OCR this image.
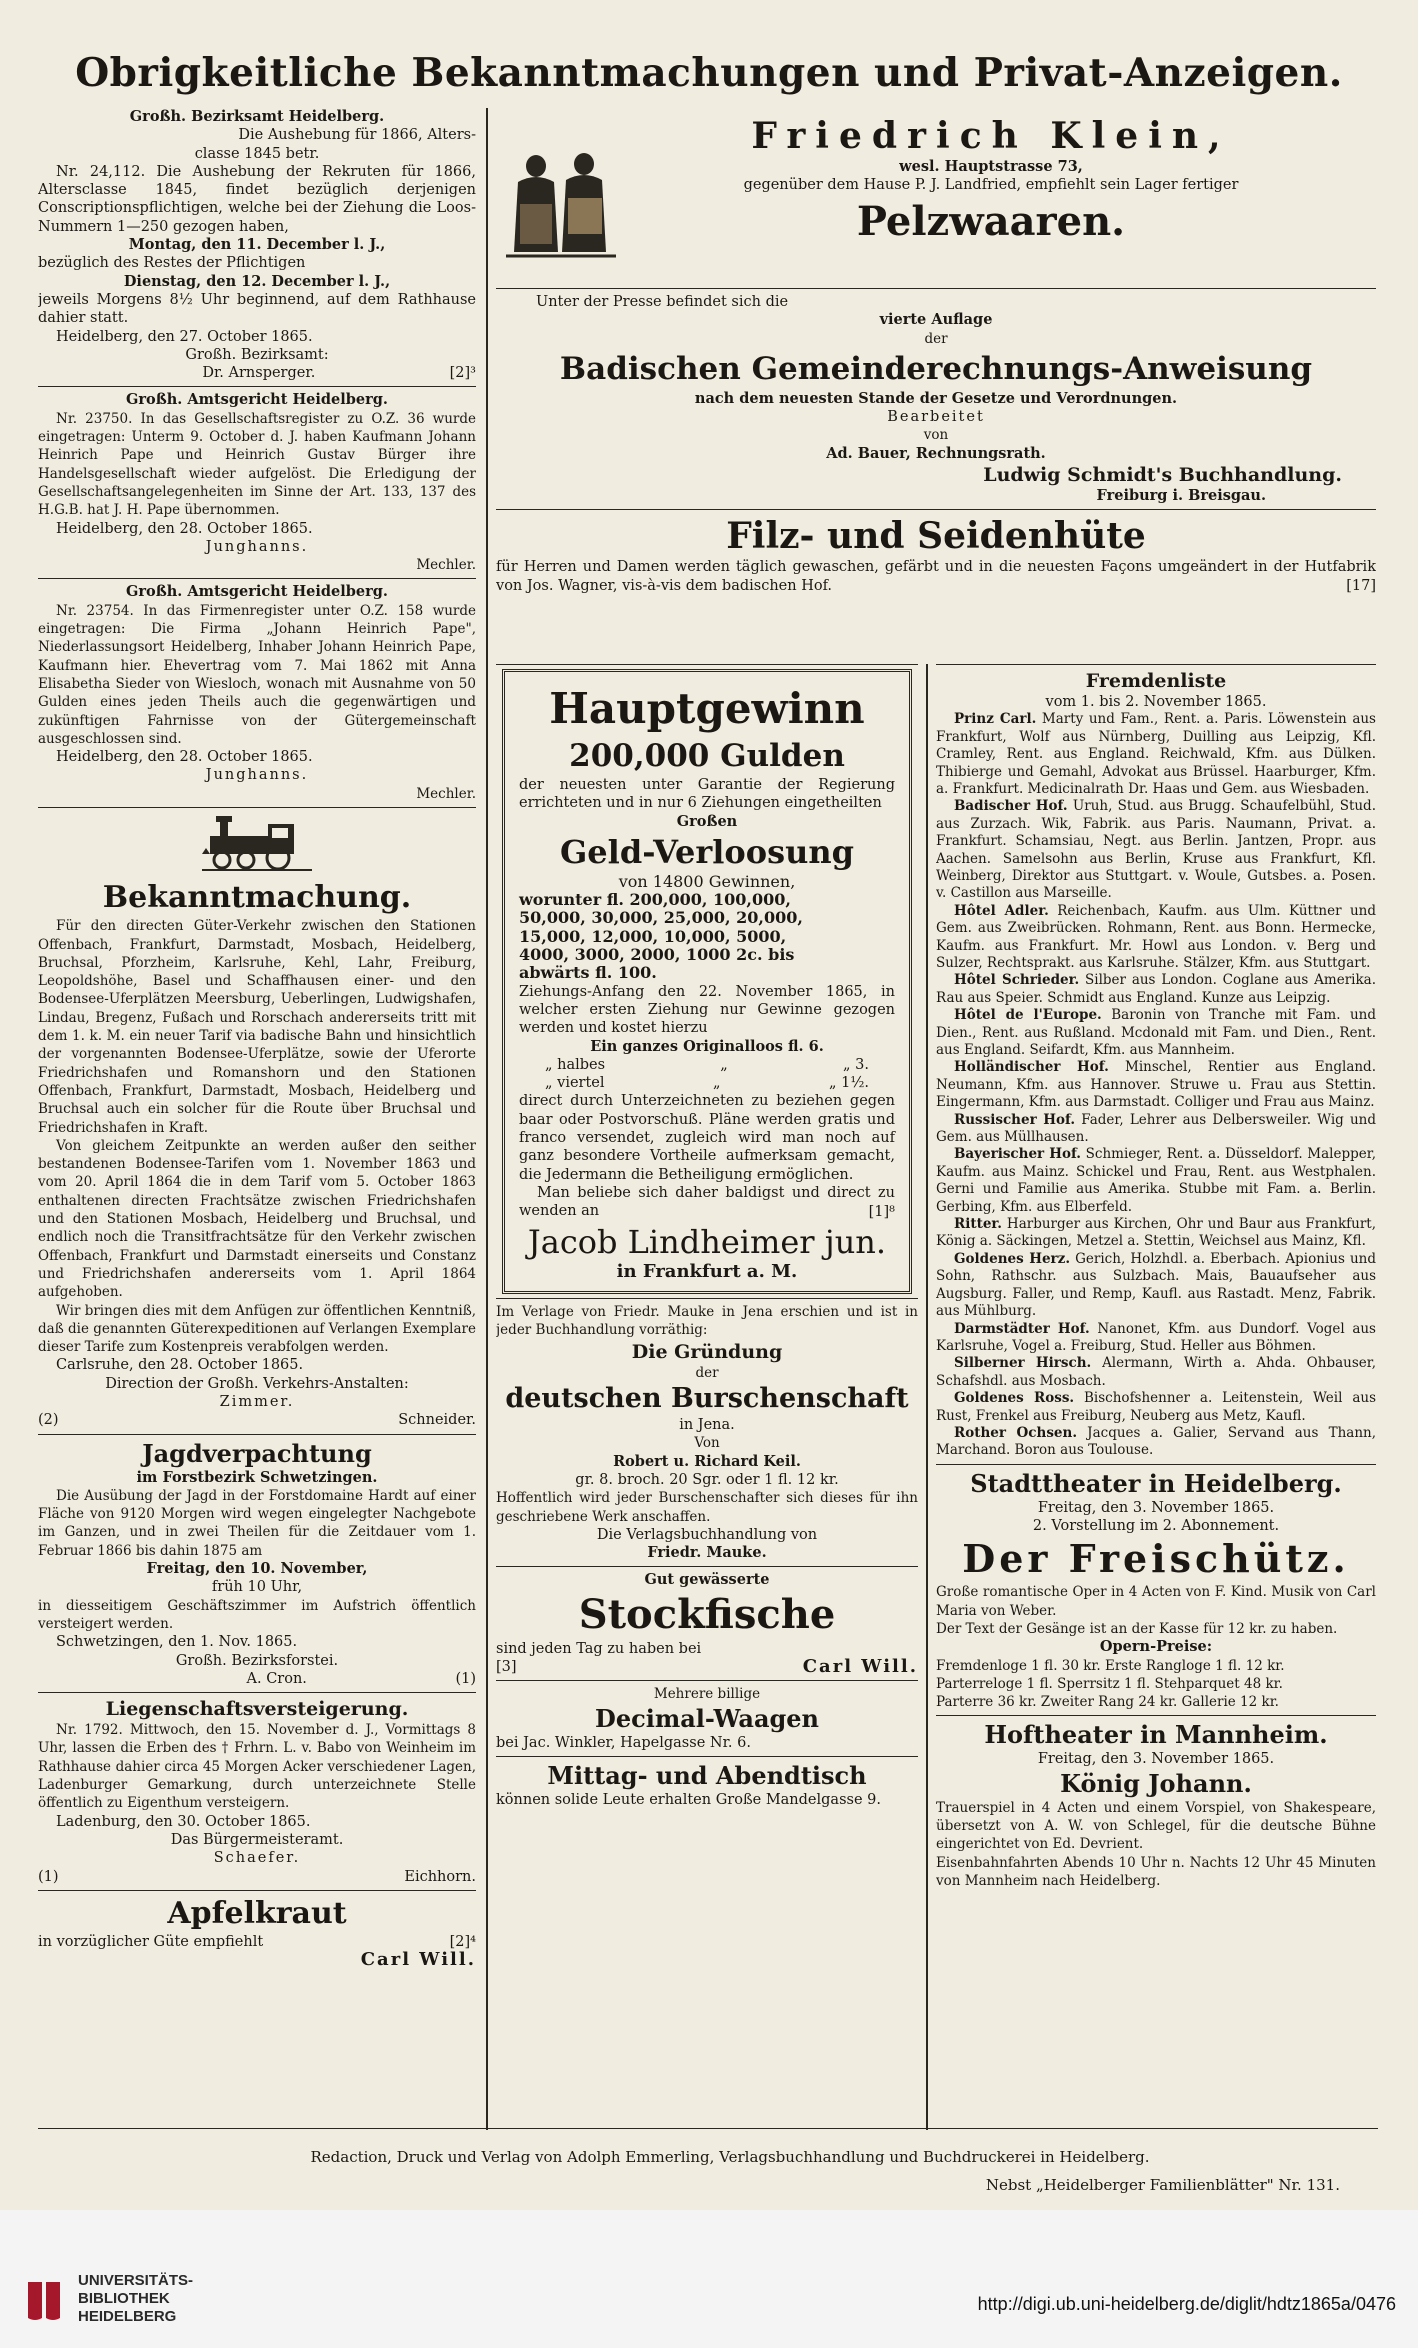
Obrigkeitliche Bekanntmachungen und Privat-Anzeigen.

Großh. Bezirksamt Heidelberg.

Die Aushebung für 1866, Alters-

classe 1845 betr.

Nr. 24,112. Die Aushebung der Rekruten für 1866, Altersclasse 1845, findet bezüglich derjenigen Conscriptionspflichtigen, welche bei der Ziehung die Loos-Nummern 1—250 gezogen haben,

Montag, den 11. December l. J.,

bezüglich des Restes der Pflichtigen

Dienstag, den 12. December l. J.,

jeweils Morgens 8½ Uhr beginnend, auf dem Rathhause dahier statt.

Heidelberg, den 27. October 1865.

Großh. Bezirksamt:

Dr. Arnsperger.	[2]³

Großh. Amtsgericht Heidelberg.

Nr. 23750. In das Gesellschaftsregister zu O.Z. 36 wurde eingetragen: Unterm 9. October d. J. haben Kaufmann Johann Heinrich Pape und Heinrich Gustav Bürger ihre Handelsgesellschaft wieder aufgelöst. Die Erledigung der Gesellschaftsangelegenheiten im Sinne der Art. 133, 137 des H.G.B. hat J. H. Pape übernommen.

Heidelberg, den 28. October 1865.

Junghanns.

Mechler.

Großh. Amtsgericht Heidelberg.

Nr. 23754. In das Firmenregister unter O.Z. 158 wurde eingetragen: Die Firma „Johann Heinrich Pape", Niederlassungsort Heidelberg, Inhaber Johann Heinrich Pape, Kaufmann hier. Ehevertrag vom 7. Mai 1862 mit Anna Elisabetha Sieder von Wiesloch, wonach mit Ausnahme von 50 Gulden eines jeden Theils auch die gegenwärtigen und zukünftigen Fahrnisse von der Gütergemeinschaft ausgeschlossen sind.

Heidelberg, den 28. October 1865.

Junghanns.

Mechler.

Bekanntmachung.

Für den directen Güter-Verkehr zwischen den Stationen Offenbach, Frankfurt, Darmstadt, Mosbach, Heidelberg, Bruchsal, Pforzheim, Karlsruhe, Kehl, Lahr, Freiburg, Leopoldshöhe, Basel und Schaffhausen einer- und den Bodensee-Uferplätzen Meersburg, Ueberlingen, Ludwigshafen, Lindau, Bregenz, Fußach und Rorschach andererseits tritt mit dem 1. k. M. ein neuer Tarif via badische Bahn und hinsichtlich der vorgenannten Bodensee-Uferplätze, sowie der Uferorte Friedrichshafen und Romanshorn und den Stationen Offenbach, Frankfurt, Darmstadt, Mosbach, Heidelberg und Bruchsal auch ein solcher für die Route über Bruchsal und Friedrichshafen in Kraft.

Von gleichem Zeitpunkte an werden außer den seither bestandenen Bodensee-Tarifen vom 1. November 1863 und vom 20. April 1864 die in dem Tarif vom 5. October 1863 enthaltenen directen Frachtsätze zwischen Friedrichshafen und den Stationen Mosbach, Heidelberg und Bruchsal, und endlich noch die Transitfrachtsätze für den Verkehr zwischen Offenbach, Frankfurt und Darmstadt einerseits und Constanz und Friedrichshafen andererseits vom 1. April 1864 aufgehoben.

Wir bringen dies mit dem Anfügen zur öffentlichen Kenntniß, daß die genannten Güterexpeditionen auf Verlangen Exemplare dieser Tarife zum Kostenpreis verabfolgen werden.

Carlsruhe, den 28. October 1865.

Direction der Großh. Verkehrs-Anstalten:

Zimmer.

(2)	Schneider.

Jagdverpachtung

im Forstbezirk Schwetzingen.

Die Ausübung der Jagd in der Forstdomaine Hardt auf einer Fläche von 9120 Morgen wird wegen eingelegter Nachgebote im Ganzen, und in zwei Theilen für die Zeitdauer vom 1. Februar 1866 bis dahin 1875 am

Freitag, den 10. November,

früh 10 Uhr,

in diesseitigem Geschäftszimmer im Aufstrich öffentlich versteigert werden.

Schwetzingen, den 1. Nov. 1865.

Großh. Bezirksforstei.

A. Cron.	(1)

Liegenschaftsversteigerung.

Nr. 1792. Mittwoch, den 15. November d. J., Vormittags 8 Uhr, lassen die Erben des † Frhrn. L. v. Babo von Weinheim im Rathhause dahier circa 45 Morgen Acker verschiedener Lagen, Ladenburger Gemarkung, durch unterzeichnete Stelle öffentlich zu Eigenthum versteigern.

Ladenburg, den 30. October 1865.

Das Bürgermeisteramt.

Schaefer.

(1)	Eichhorn.

Apfelkraut

in vorzüglicher Güte empfiehlt	[2]⁴

Carl Will.

Friedrich Klein,

wesl. Hauptstrasse 73,

gegenüber dem Hause P. J. Landfried, empfiehlt sein Lager fertiger

Pelzwaaren.

Unter der Presse befindet sich die

vierte Auflage

der

Badischen Gemeinderechnungs-Anweisung

nach dem neuesten Stande der Gesetze und Verordnungen.

Bearbeitet

von

Ad. Bauer, Rechnungsrath.

Ludwig Schmidt's Buchhandlung.

Freiburg i. Breisgau.

Filz- und Seidenhüte

für Herren und Damen werden täglich gewaschen, gefärbt und in die neuesten Façons umgeändert in der Hutfabrik von Jos. Wagner, vis-à-vis dem badischen Hof.	[17]

Hauptgewinn

200,000 Gulden

der neuesten unter Garantie der Regierung errichteten und in nur 6 Ziehungen eingetheilten

Großen

Geld-Verloosung

von 14800 Gewinnen,

worunter fl. 200,000, 100,000,

50,000, 30,000, 25,000, 20,000,

15,000, 12,000, 10,000, 5000,

4000, 3000, 2000, 1000 2c. bis

abwärts fl. 100.

Ziehungs-Anfang den 22. November 1865, in welcher ersten Ziehung nur Gewinne gezogen werden und kostet hierzu

Ein ganzes Originalloos fl. 6.

„ halbes	„	„ 3.
„ viertel	„	„ 1½.

direct durch Unterzeichneten zu beziehen gegen baar oder Postvorschuß. Pläne werden gratis und franco versendet, zugleich wird man noch auf ganz besondere Vortheile aufmerksam gemacht, die Jedermann die Betheiligung ermöglichen.

Man beliebe sich daher baldigst und direct zu wenden an	[1]⁸

Jacob Lindheimer jun.

in Frankfurt a. M.

Im Verlage von Friedr. Mauke in Jena erschien und ist in jeder Buchhandlung vorräthig:

Die Gründung

der

deutschen Burschenschaft

in Jena.

Von

Robert u. Richard Keil.

gr. 8. broch. 20 Sgr. oder 1 fl. 12 kr.

Hoffentlich wird jeder Burschenschafter sich dieses für ihn geschriebene Werk anschaffen.

Die Verlagsbuchhandlung von

Friedr. Mauke.

Gut gewässerte

Stockfische

sind jeden Tag zu haben bei

[3]	Carl Will.

Mehrere billige

Decimal-Waagen

bei Jac. Winkler, Hapelgasse Nr. 6.

Mittag- und Abendtisch

können solide Leute erhalten Große Mandelgasse 9.

Fremdenliste

vom 1. bis 2. November 1865.

Prinz Carl. Marty und Fam., Rent. a. Paris. Löwenstein aus Frankfurt, Wolf aus Nürnberg, Duilling aus Leipzig, Kfl. Cramley, Rent. aus England. Reichwald, Kfm. aus Dülken. Thibierge und Gemahl, Advokat aus Brüssel. Haarburger, Kfm. a. Frankfurt. Medicinalrath Dr. Haas und Gem. aus Wiesbaden.

Badischer Hof. Uruh, Stud. aus Brugg. Schaufelbühl, Stud. aus Zurzach. Wik, Fabrik. aus Paris. Naumann, Privat. a. Frankfurt. Schamsiau, Negt. aus Berlin. Jantzen, Propr. aus Aachen. Samelsohn aus Berlin, Kruse aus Frankfurt, Kfl. Weinberg, Direktor aus Stuttgart. v. Woule, Gutsbes. a. Posen. v. Castillon aus Marseille.

Hôtel Adler. Reichenbach, Kaufm. aus Ulm. Küttner und Gem. aus Zweibrücken. Rohmann, Rent. aus Bonn. Hermecke, Kaufm. aus Frankfurt. Mr. Howl aus London. v. Berg und Sulzer, Rechtsprakt. aus Karlsruhe. Stälzer, Kfm. aus Stuttgart.

Hôtel Schrieder. Silber aus London. Coglane aus Amerika. Rau aus Speier. Schmidt aus England. Kunze aus Leipzig.

Hôtel de l'Europe. Baronin von Tranche mit Fam. und Dien., Rent. aus Rußland. Mcdonald mit Fam. und Dien., Rent. aus England. Seifardt, Kfm. aus Mannheim.

Holländischer Hof. Minschel, Rentier aus England. Neumann, Kfm. aus Hannover. Struwe u. Frau aus Stettin. Eingermann, Kfm. aus Darmstadt. Colliger und Frau aus Mainz.

Russischer Hof. Fader, Lehrer aus Delbersweiler. Wig und Gem. aus Müllhausen.

Bayerischer Hof. Schmieger, Rent. a. Düsseldorf. Malepper, Kaufm. aus Mainz. Schickel und Frau, Rent. aus Westphalen. Gerni und Familie aus Amerika. Stubbe mit Fam. a. Berlin. Gerbing, Kfm. aus Elberfeld.

Ritter. Harburger aus Kirchen, Ohr und Baur aus Frankfurt, König a. Säckingen, Metzel a. Stettin, Weichsel aus Mainz, Kfl.

Goldenes Herz. Gerich, Holzhdl. a. Eberbach. Apionius und Sohn, Rathschr. aus Sulzbach. Mais, Bauaufseher aus Augsburg. Faller, und Remp, Kaufl. aus Rastadt. Menz, Fabrik. aus Mühlburg.

Darmstädter Hof. Nanonet, Kfm. aus Dundorf. Vogel aus Karlsruhe, Vogel a. Freiburg, Stud. Heller aus Böhmen.

Silberner Hirsch. Alermann, Wirth a. Ahda. Ohbauser, Schafshdl. aus Mosbach.

Goldenes Ross. Bischofshenner a. Leitenstein, Weil aus Rust, Frenkel aus Freiburg, Neuberg aus Metz, Kaufl.

Rother Ochsen. Jacques a. Galier, Servand aus Thann, Marchand. Boron aus Toulouse.

Stadttheater in Heidelberg.

Freitag, den 3. November 1865.

2. Vorstellung im 2. Abonnement.

Der Freischütz.

Große romantische Oper in 4 Acten von F. Kind. Musik von Carl Maria von Weber.

Der Text der Gesänge ist an der Kasse für 12 kr. zu haben.

Opern-Preise:

Fremdenloge 1 fl. 30 kr. Erste Rangloge 1 fl. 12 kr.

Parterreloge 1 fl. Sperrsitz 1 fl. Stehparquet 48 kr.

Parterre 36 kr. Zweiter Rang 24 kr. Gallerie 12 kr.

Hoftheater in Mannheim.

Freitag, den 3. November 1865.

König Johann.

Trauerspiel in 4 Acten und einem Vorspiel, von Shakespeare, übersetzt von A. W. von Schlegel, für die deutsche Bühne eingerichtet von Ed. Devrient.

Eisenbahnfahrten Abends 10 Uhr n. Nachts 12 Uhr 45 Minuten von Mannheim nach Heidelberg.

Redaction, Druck und Verlag von Adolph Emmerling, Verlagsbuchhandlung und Buchdruckerei in Heidelberg.
Nebst „Heidelberger Familienblätter" Nr. 131.
UNIVERSITÄTS-
BIBLIOTHEK
HEIDELBERG
http://digi.ub.uni-heidelberg.de/diglit/hdtz1865a/0476
